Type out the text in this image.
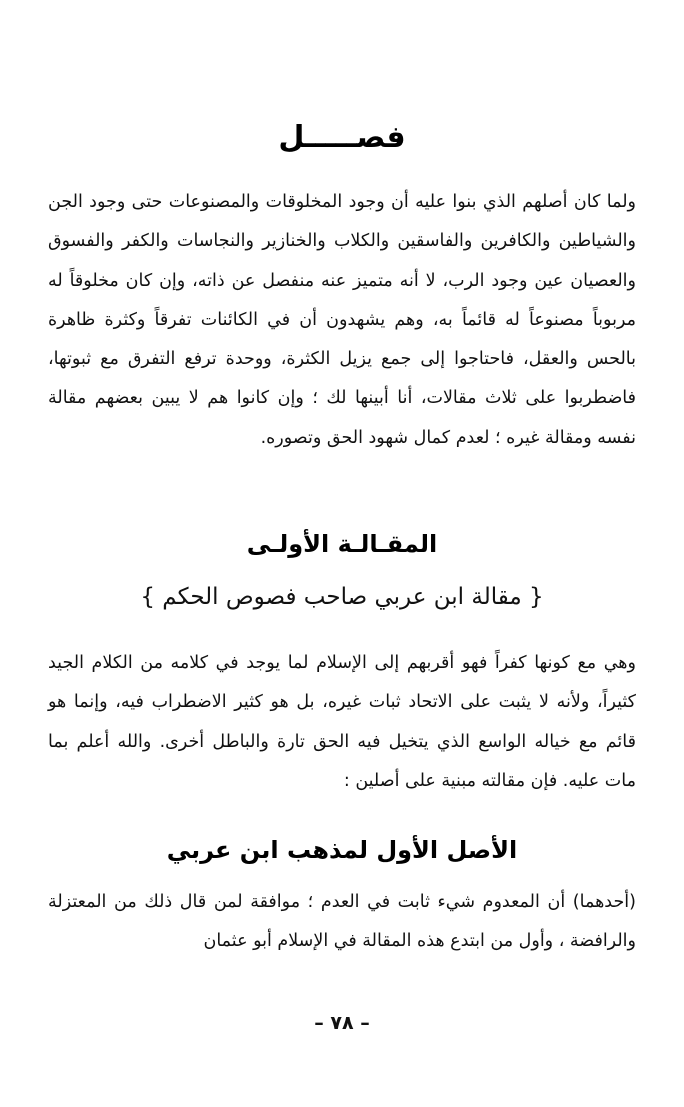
فصـــــل

ولما كان أصلهم الذي بنوا عليه أن وجود المخلوقات والمصنوعات حتى وجود الجن والشياطين والكافرين والفاسقين والكلاب والخنازير والنجاسات والكفر والفسوق والعصيان عين وجود الرب، لا أنه متميز عنه منفصل عن ذاته، وإن كان مخلوقاً له مربوباً مصنوعاً له قائماً به، وهم يشهدون أن في الكائنات تفرقاً وكثرة ظاهرة بالحس والعقل، فاحتاجوا إلى جمع يزيل الكثرة، ووحدة ترفع التفرق مع ثبوتها، فاضطربوا على ثلاث مقالات، أنا أبينها لك ؛ وإن كانوا هم لا يبين بعضهم مقالة نفسه ومقالة غيره ؛ لعدم كمال شهود الحق وتصوره.

المقـالـة الأولـى
{ مقالة ابن عربي صاحب فصوص الحكم }

وهي مع كونها كفراً فهو أقربهم إلى الإسلام لما يوجد في كلامه من الكلام الجيد كثيراً، ولأنه لا يثبت على الاتحاد ثبات غيره، بل هو كثير الاضطراب فيه، وإنما هو قائم مع خياله الواسع الذي يتخيل فيه الحق تارة والباطل أخرى. والله أعلم بما مات عليه. فإن مقالته مبنية على أصلين :

الأصل الأول لمذهب ابن عربي

(أحدهما) أن المعدوم شيء ثابت في العدم ؛ موافقة لمن قال ذلك من المعتزلة والرافضة ، وأول من ابتدع هذه المقالة في الإسلام أبو عثمان

– ٧٨ –
